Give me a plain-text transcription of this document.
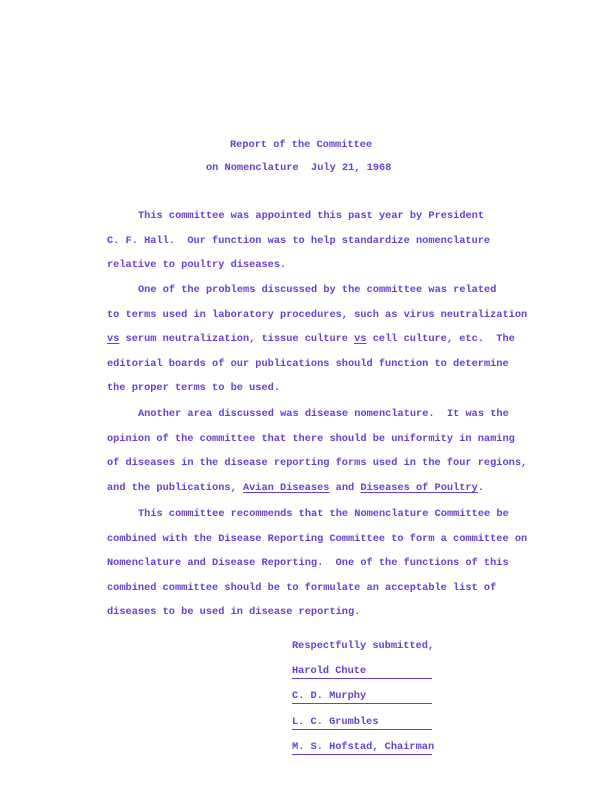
Report of the Committee
on Nomenclature  July 21, 1968
Respectfully submitted,
This committee was appointed this past year by President
C. F. Hall.  Our function was to help standardize nomenclature
relative to poultry diseases.
One of the problems discussed by the committee was related
to terms used in laboratory procedures, such as virus neutralization
vs serum neutralization, tissue culture vs cell culture, etc.  The
editorial boards of our publications should function to determine
the proper terms to be used.
Another area discussed was disease nomenclature.  It was the
opinion of the committee that there should be uniformity in naming
of diseases in the disease reporting forms used in the four regions,
and the publications, Avian Diseases and Diseases of Poultry.
This committee recommends that the Nomenclature Committee be
combined with the Disease Reporting Committee to form a committee on
Nomenclature and Disease Reporting.  One of the functions of this
combined committee should be to formulate an acceptable list of
diseases to be used in disease reporting.
Harold Chute
C. D. Murphy
L. C. Grumbles
M. S. Hofstad, Chairman
